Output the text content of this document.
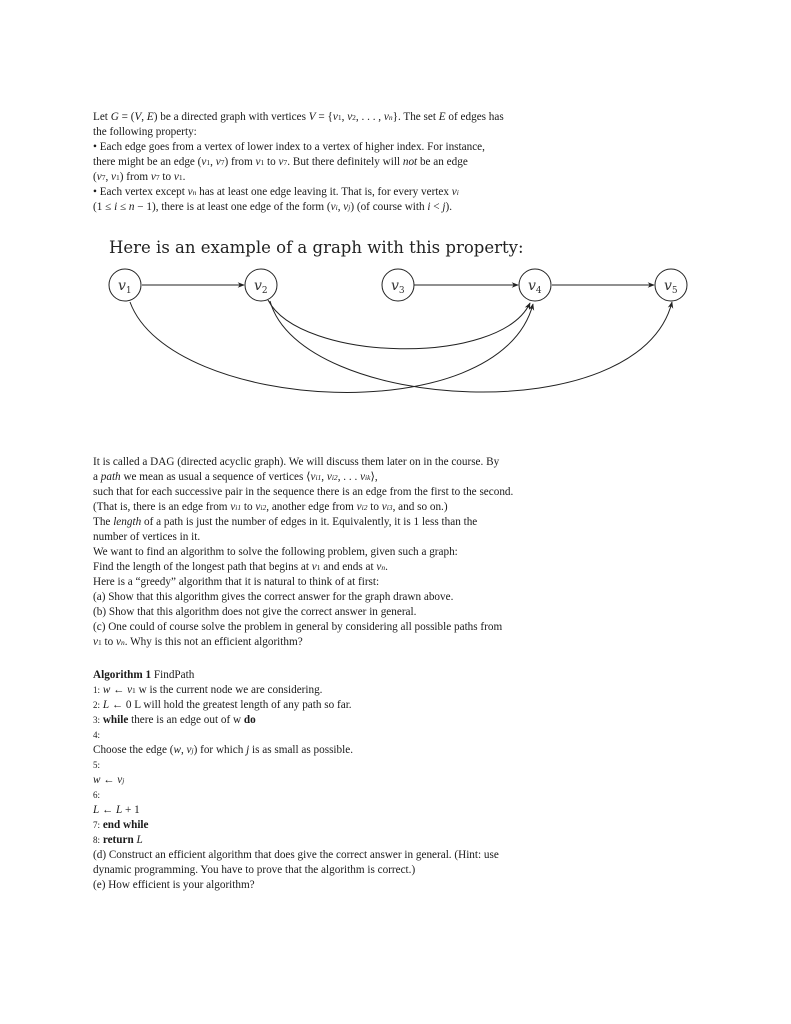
Let G = (V, E) be a directed graph with vertices V = {v1, v2, . . . , vn}. The set E of edges has
the following property:
• Each edge goes from a vertex of lower index to a vertex of higher index. For instance,
there might be an edge (v1, v7) from v1 to v7. But there definitely will not be an edge
(v7, v1) from v7 to v1.
• Each vertex except vn has at least one edge leaving it. That is, for every vertex vi
(1 ≤ i ≤ n − 1), there is at least one edge of the form (vi, vj) (of course with i < j).
Here is an example of a graph with this property:
$v_1$	$v_2$	$v_3$	$v_4$	$v_5$
It is called a DAG (directed acyclic graph). We will discuss them later on in the course. By
a path we mean as usual a sequence of vertices ⟨vi1, vi2, . . . vik⟩,
such that for each successive pair in the sequence there is an edge from the first to the second.
(That is, there is an edge from vi1 to vi2, another edge from vi2 to vi3, and so on.)
The length of a path is just the number of edges in it. Equivalently, it is 1 less than the
number of vertices in it.
We want to find an algorithm to solve the following problem, given such a graph:
Find the length of the longest path that begins at v1 and ends at vn.
Here is a “greedy” algorithm that it is natural to think of at first:
(a) Show that this algorithm gives the correct answer for the graph drawn above.
(b) Show that this algorithm does not give the correct answer in general.
(c) One could of course solve the problem in general by considering all possible paths from
v1 to vn. Why is this not an efficient algorithm?
Algorithm 1 FindPath
1: w ← v1 w is the current node we are considering.
2: L ← 0 L will hold the greatest length of any path so far.
3: while there is an edge out of w do
4:
Choose the edge (w, vj) for which j is as small as possible.
5:
w ← vj
6:
L ← L + 1
7: end while
8: return L
(d) Construct an efficient algorithm that does give the correct answer in general. (Hint: use
dynamic programming. You have to prove that the algorithm is correct.)
(e) How efficient is your algorithm?
